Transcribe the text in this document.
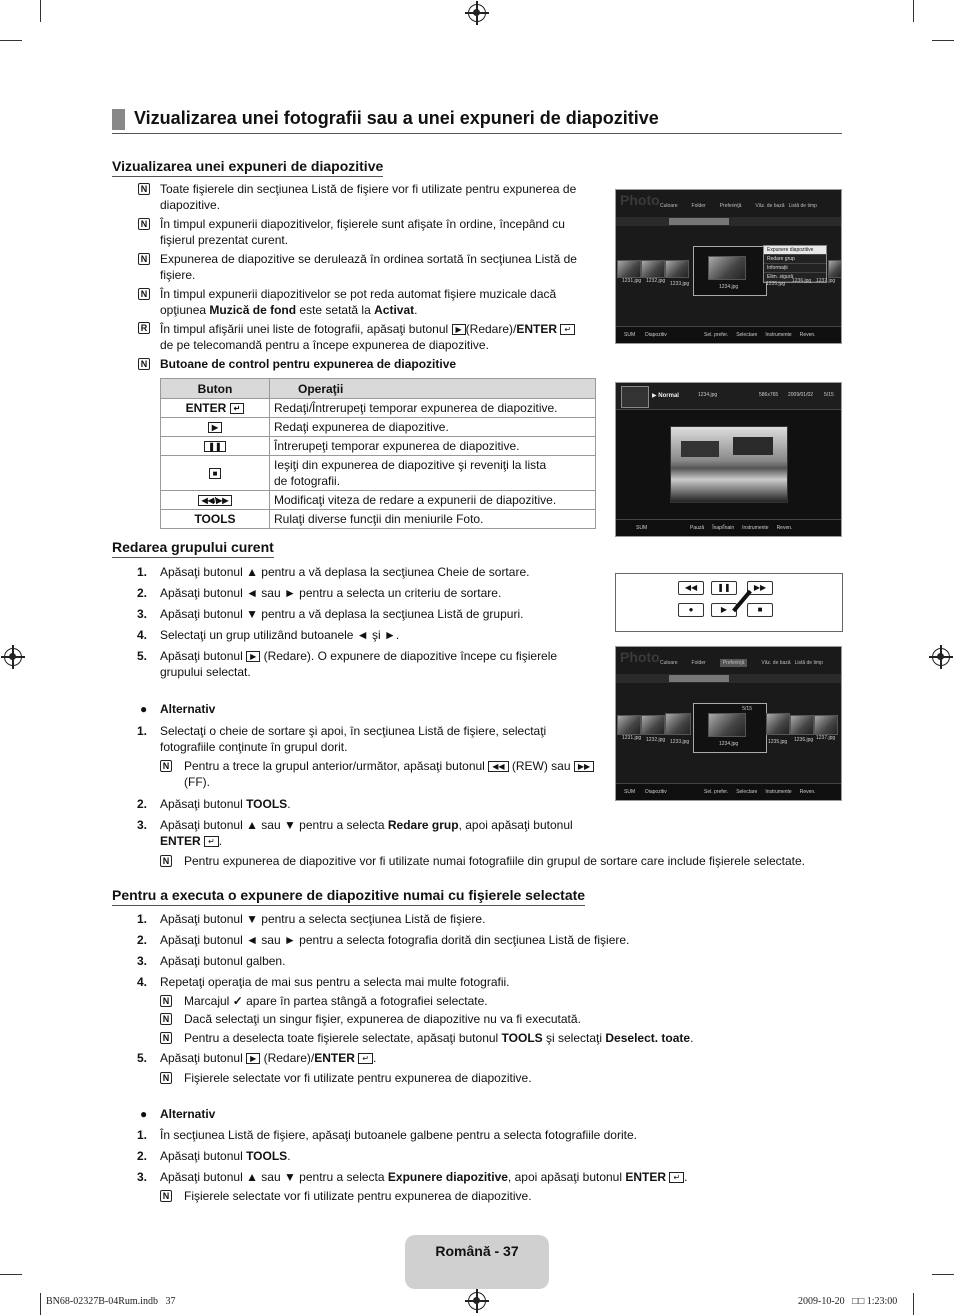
Vizualizarea unei fotografii sau a unei expuneri de diapozitive
Vizualizarea unei expuneri de diapozitive
N Toate fişierele din secţiunea Listă de fişiere vor fi utilizate pentru expunerea de
diapozitive.
N În timpul expunerii diapozitivelor, fişierele sunt afişate în ordine, începând cu
fişierul prezentat curent.
N Expunerea de diapozitive se derulează în ordinea sortată în secţiunea Listă de
fişiere.
N În timpul expunerii diapozitivelor se pot reda automat fişiere muzicale dacă
opţiunea Muzică de fond este setată la Activat.
R În timpul afişării unei liste de fotografii, apăsaţi butonul ▶ (Redare)/ENTER ↵
de pe telecomandă pentru a începe expunerea de diapozitive.
N Butoane de control pentru expunerea de diapozitive
Buton	Operaţii
ENTER ↵	Redaţi/Întrerupeţi temporar expunerea de diapozitive.
▶	Redaţi expunerea de diapozitive.
❚❚	Întrerupeţi temporar expunerea de diapozitive.
■	Ieşiţi din expunerea de diapozitive şi reveniţi la lista
de fotografii.
◀◀/▶▶	Modificaţi viteza de redare a expunerii de diapozitive.
TOOLS	Rulaţi diverse funcţii din meniurile Foto.
Photo Culoare	Folder	Preferinţă	Văz. de bază Listă de timp
1234.jpg
Expunere diapozitive
Redare grup
Informaţii
Elim. sigură
1231.jpg 1232.jpg 1233.jpg	1235.jpg 1236.jpg 1237.jpg
SUM Diapozitiv	Sel. prefer. Selectare Instrumente Reven.
▶ Normal	1234.jpg	586x765 2009/01/02 5/15
SUM	Pauză Înap/Înain Instrumente Reven.
Redarea grupului curent
1. Apăsaţi butonul ▲ pentru a vă deplasa la secţiunea Cheie de sortare.
2. Apăsaţi butonul ◄ sau ► pentru a selecta un criteriu de sortare.
3. Apăsaţi butonul ▼ pentru a vă deplasa la secţiunea Listă de grupuri.
4. Selectaţi un grup utilizând butoanele ◄ şi ►.
5. Apăsaţi butonul ▶ (Redare). O expunere de diapozitive începe cu fişierele
grupului selectat.
◀◀	❚❚	▶▶
●	▶	■
Photo Culoare	Folder	Preferinţă	Văz. de bază Listă de timp
5/15
1234.jpg
1231.jpg 1232.jpg 1233.jpg	1235.jpg 1236.jpg 1237.jpg
SUM Diapozitiv	Sel. prefer. Selectare Instrumente Reven.
● Alternativ
1. Selectaţi o cheie de sortare şi apoi, în secţiunea Listă de fişiere, selectaţi
fotografiile conţinute în grupul dorit.
N Pentru a trece la grupul anterior/următor, apăsaţi butonul ◀◀ (REW) sau ▶▶
(FF).
2. Apăsaţi butonul TOOLS.
3. Apăsaţi butonul ▲ sau ▼ pentru a selecta Redare grup, apoi apăsaţi butonul
ENTER ↵ .
N Pentru expunerea de diapozitive vor fi utilizate numai fotografiile din grupul de sortare care include fişierele selectate.
Pentru a executa o expunere de diapozitive numai cu fişierele selectate
1. Apăsaţi butonul ▼ pentru a selecta secţiunea Listă de fişiere.
2. Apăsaţi butonul ◄ sau ► pentru a selecta fotografia dorită din secţiunea Listă de fişiere.
3. Apăsaţi butonul galben.
4. Repetaţi operaţia de mai sus pentru a selecta mai multe fotografii.
N Marcajul ✓ apare în partea stângă a fotografiei selectate.
N Dacă selectaţi un singur fişier, expunerea de diapozitive nu va fi executată.
N Pentru a deselecta toate fişierele selectate, apăsaţi butonul TOOLS şi selectaţi Deselect. toate.
5. Apăsaţi butonul ▶ (Redare)/ENTER ↵ .
N Fişierele selectate vor fi utilizate pentru expunerea de diapozitive.
● Alternativ
1. În secţiunea Listă de fişiere, apăsaţi butoanele galbene pentru a selecta fotografiile dorite.
2. Apăsaţi butonul TOOLS.
3. Apăsaţi butonul ▲ sau ▼ pentru a selecta Expunere diapozitive, apoi apăsaţi butonul ENTER ↵ .
N Fişierele selectate vor fi utilizate pentru expunerea de diapozitive.
Română - 37
BN68-02327B-04Rum.indb   37	2009-10-20   □□ 1:23:00
